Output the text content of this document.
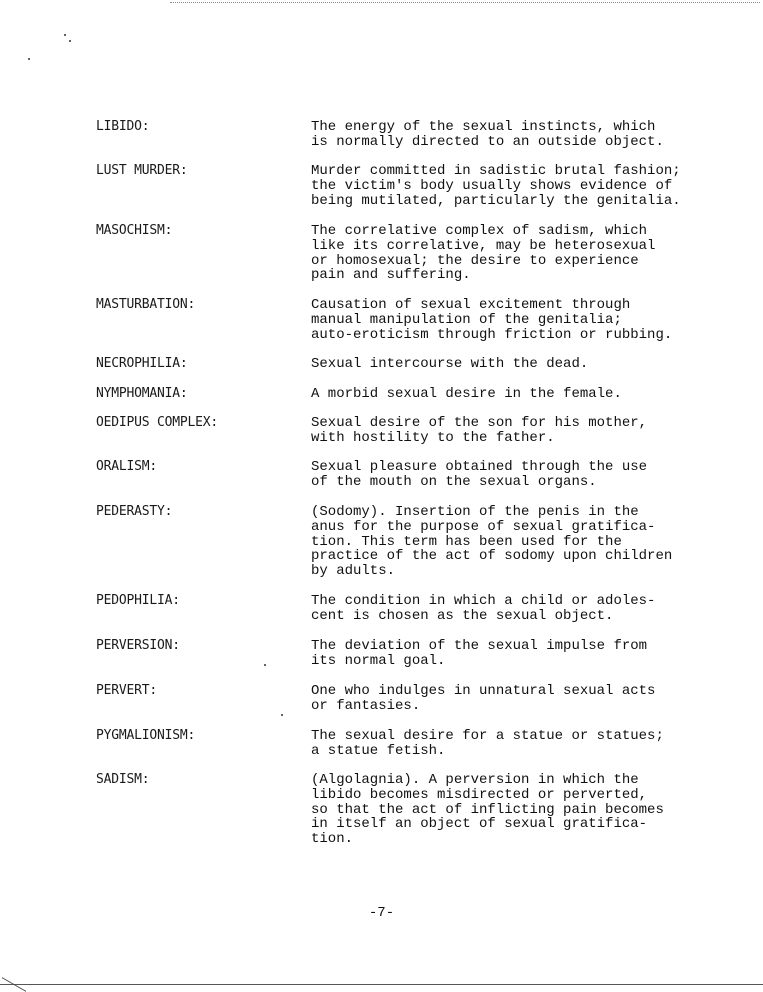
LIBIDO:	The energy of the sexual instincts, which
is normally directed to an outside object.
LUST MURDER:	Murder committed in sadistic brutal fashion;
the victim's body usually shows evidence of
being mutilated, particularly the genitalia.
MASOCHISM:	The correlative complex of sadism, which
like its correlative, may be heterosexual
or homosexual; the desire to experience
pain and suffering.
MASTURBATION:	Causation of sexual excitement through
manual manipulation of the genitalia;
auto-eroticism through friction or rubbing.
NECROPHILIA:	Sexual intercourse with the dead.
NYMPHOMANIA:	A morbid sexual desire in the female.
OEDIPUS COMPLEX:	Sexual desire of the son for his mother,
with hostility to the father.
ORALISM:	Sexual pleasure obtained through the use
of the mouth on the sexual organs.
PEDERASTY:	(Sodomy). Insertion of the penis in the
anus for the purpose of sexual gratifica-
tion. This term has been used for the
practice of the act of sodomy upon children
by adults.
PEDOPHILIA:	The condition in which a child or adoles-
cent is chosen as the sexual object.
PERVERSION:	The deviation of the sexual impulse from
its normal goal.
PERVERT:	One who indulges in unnatural sexual acts
or fantasies.
PYGMALIONISM:	The sexual desire for a statue or statues;
a statue fetish.
SADISM:	(Algolagnia). A perversion in which the
libido becomes misdirected or perverted,
so that the act of inflicting pain becomes
in itself an object of sexual gratifica-
tion.
-7-
